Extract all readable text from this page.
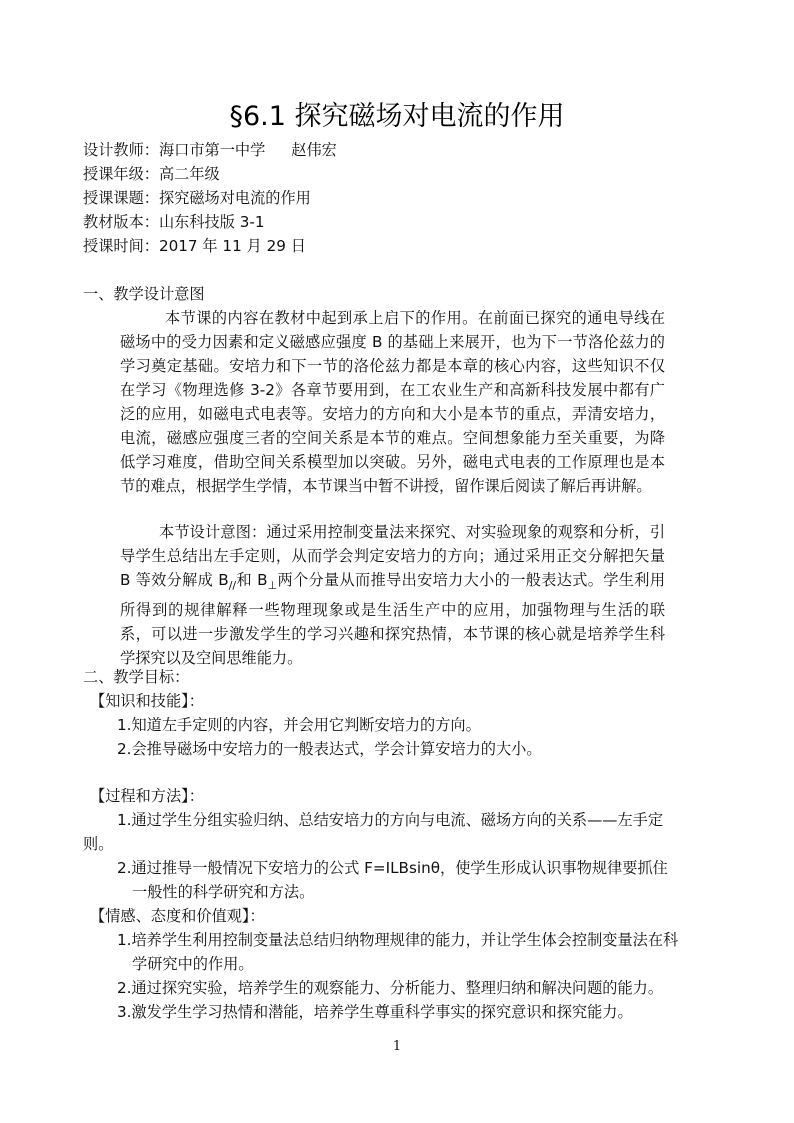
§6.1 探究磁场对电流的作用
设计教师：海口市第一中学 赵伟宏
授课年级：高二年级
授课课题：探究磁场对电流的作用
教材版本：山东科技版 3-1
授课时间：2017 年 11 月 29 日
一、教学设计意图
本节课的内容在教材中起到承上启下的作用。在前面已探究的通电导线在磁场中的受力因素和定义磁感应强度 B 的基础上来展开，也为下一节洛伦兹力的学习奠定基础。安培力和下一节的洛伦兹力都是本章的核心内容，这些知识不仅在学习《物理选修 3-2》各章节要用到，在工农业生产和高新科技发展中都有广泛的应用，如磁电式电表等。安培力的方向和大小是本节的重点，弄清安培力，电流，磁感应强度三者的空间关系是本节的难点。空间想象能力至关重要，为降低学习难度，借助空间关系模型加以突破。另外，磁电式电表的工作原理也是本节的难点，根据学生学情，本节课当中暂不讲授，留作课后阅读了解后再讲解。
本节设计意图：通过采用控制变量法来探究、对实验现象的观察和分析，引导学生总结出左手定则，从而学会判定安培力的方向；通过采用正交分解把矢量 B 等效分解成 $B_{//}$和 $B_\perp$两个分量从而推导出安培力大小的一般表达式。学生利用所得到的规律解释一些物理现象或是生活生产中的应用，加强物理与生活的联系，可以进一步激发学生的学习兴趣和探究热情，本节课的核心就是培养学生科学探究以及空间思维能力。
二、教学目标：
【知识和技能】：
1.知道左手定则的内容，并会用它判断安培力的方向。
2.会推导磁场中安培力的一般表达式，学会计算安培力的大小。
【过程和方法】：
1.通过学生分组实验归纳、总结安培力的方向与电流、磁场方向的关系——左手定
则。
2.通过推导一般情况下安培力的公式 F=ILBsinθ，使学生形成认识事物规律要抓住
一般性的科学研究和方法。
【情感、态度和价值观】：
1.培养学生利用控制变量法总结归纳物理规律的能力，并让学生体会控制变量法在科
学研究中的作用。
2.通过探究实验，培养学生的观察能力、分析能力、整理归纳和解决问题的能力。
3.激发学生学习热情和潜能，培养学生尊重科学事实的探究意识和探究能力。
1
